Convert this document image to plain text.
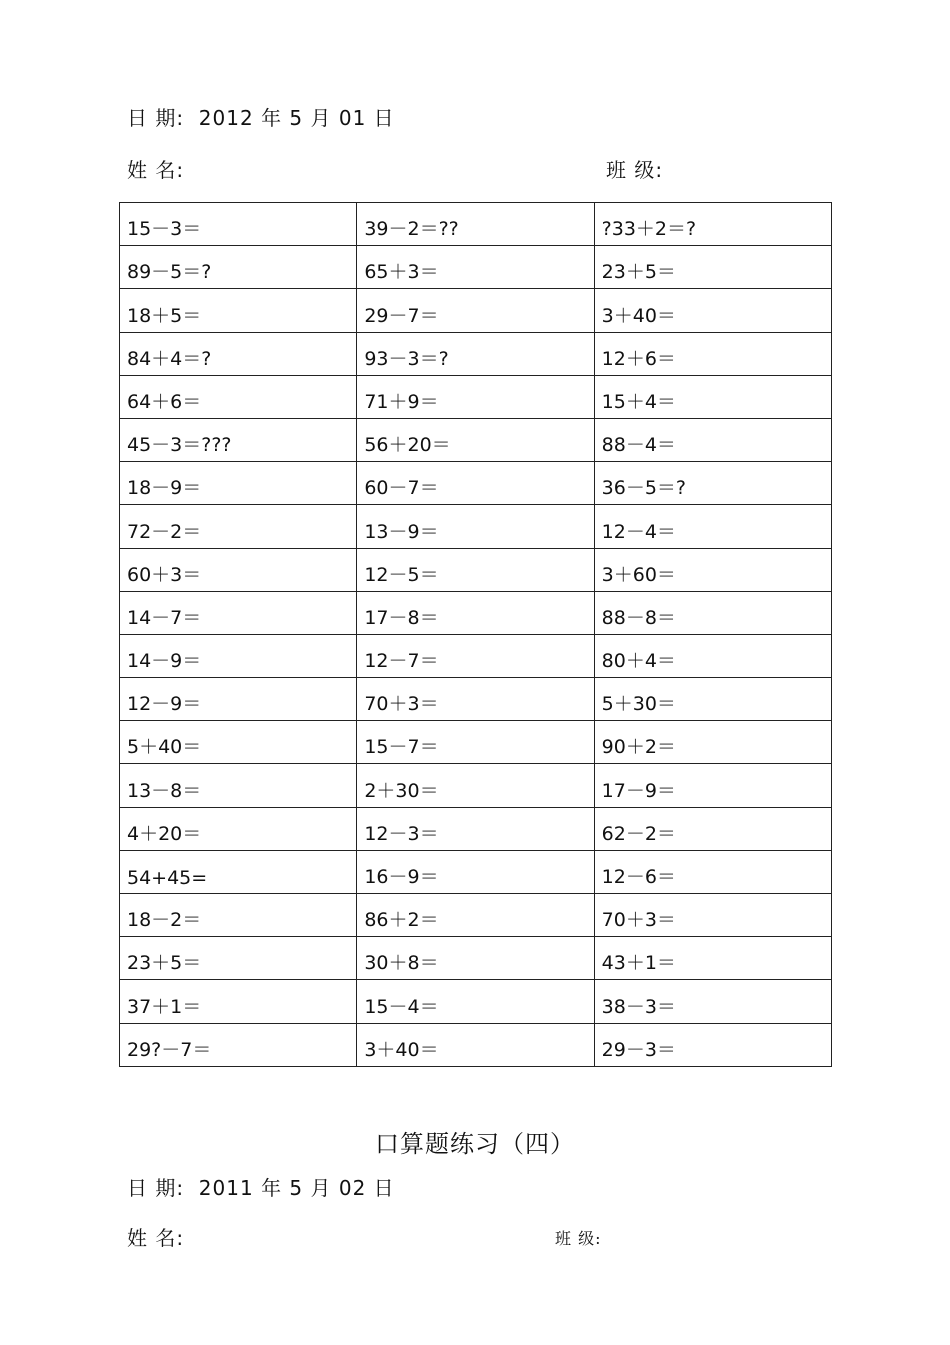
日 期:  2012 年 5 月 01 日
姓 名:	班 级:
15－3＝	39－2＝??	?33＋2＝?
89－5＝?	65＋3＝	23＋5＝
18＋5＝	29－7＝	3＋40＝
84＋4＝?	93－3＝?	12＋6＝
64＋6＝	71＋9＝	15＋4＝
45－3＝???	56＋20＝	88－4＝
18－9＝	60－7＝	36－5＝?
72－2＝	13－9＝	12－4＝
60＋3＝	12－5＝	3＋60＝
14－7＝	17－8＝	88－8＝
14－9＝	12－7＝	80＋4＝
12－9＝	70＋3＝	5＋30＝
5＋40＝	15－7＝	90＋2＝
13－8＝	2＋30＝	17－9＝
4＋20＝	12－3＝	62－2＝
54+45=	16－9＝	12－6＝
18－2＝	86＋2＝	70＋3＝
23＋5＝	30＋8＝	43＋1＝
37＋1＝	15－4＝	38－3＝
29?－7＝	3＋40＝	29－3＝
口算题练习（四）
日 期:  2011 年 5 月 02 日
姓 名:	班 级:
